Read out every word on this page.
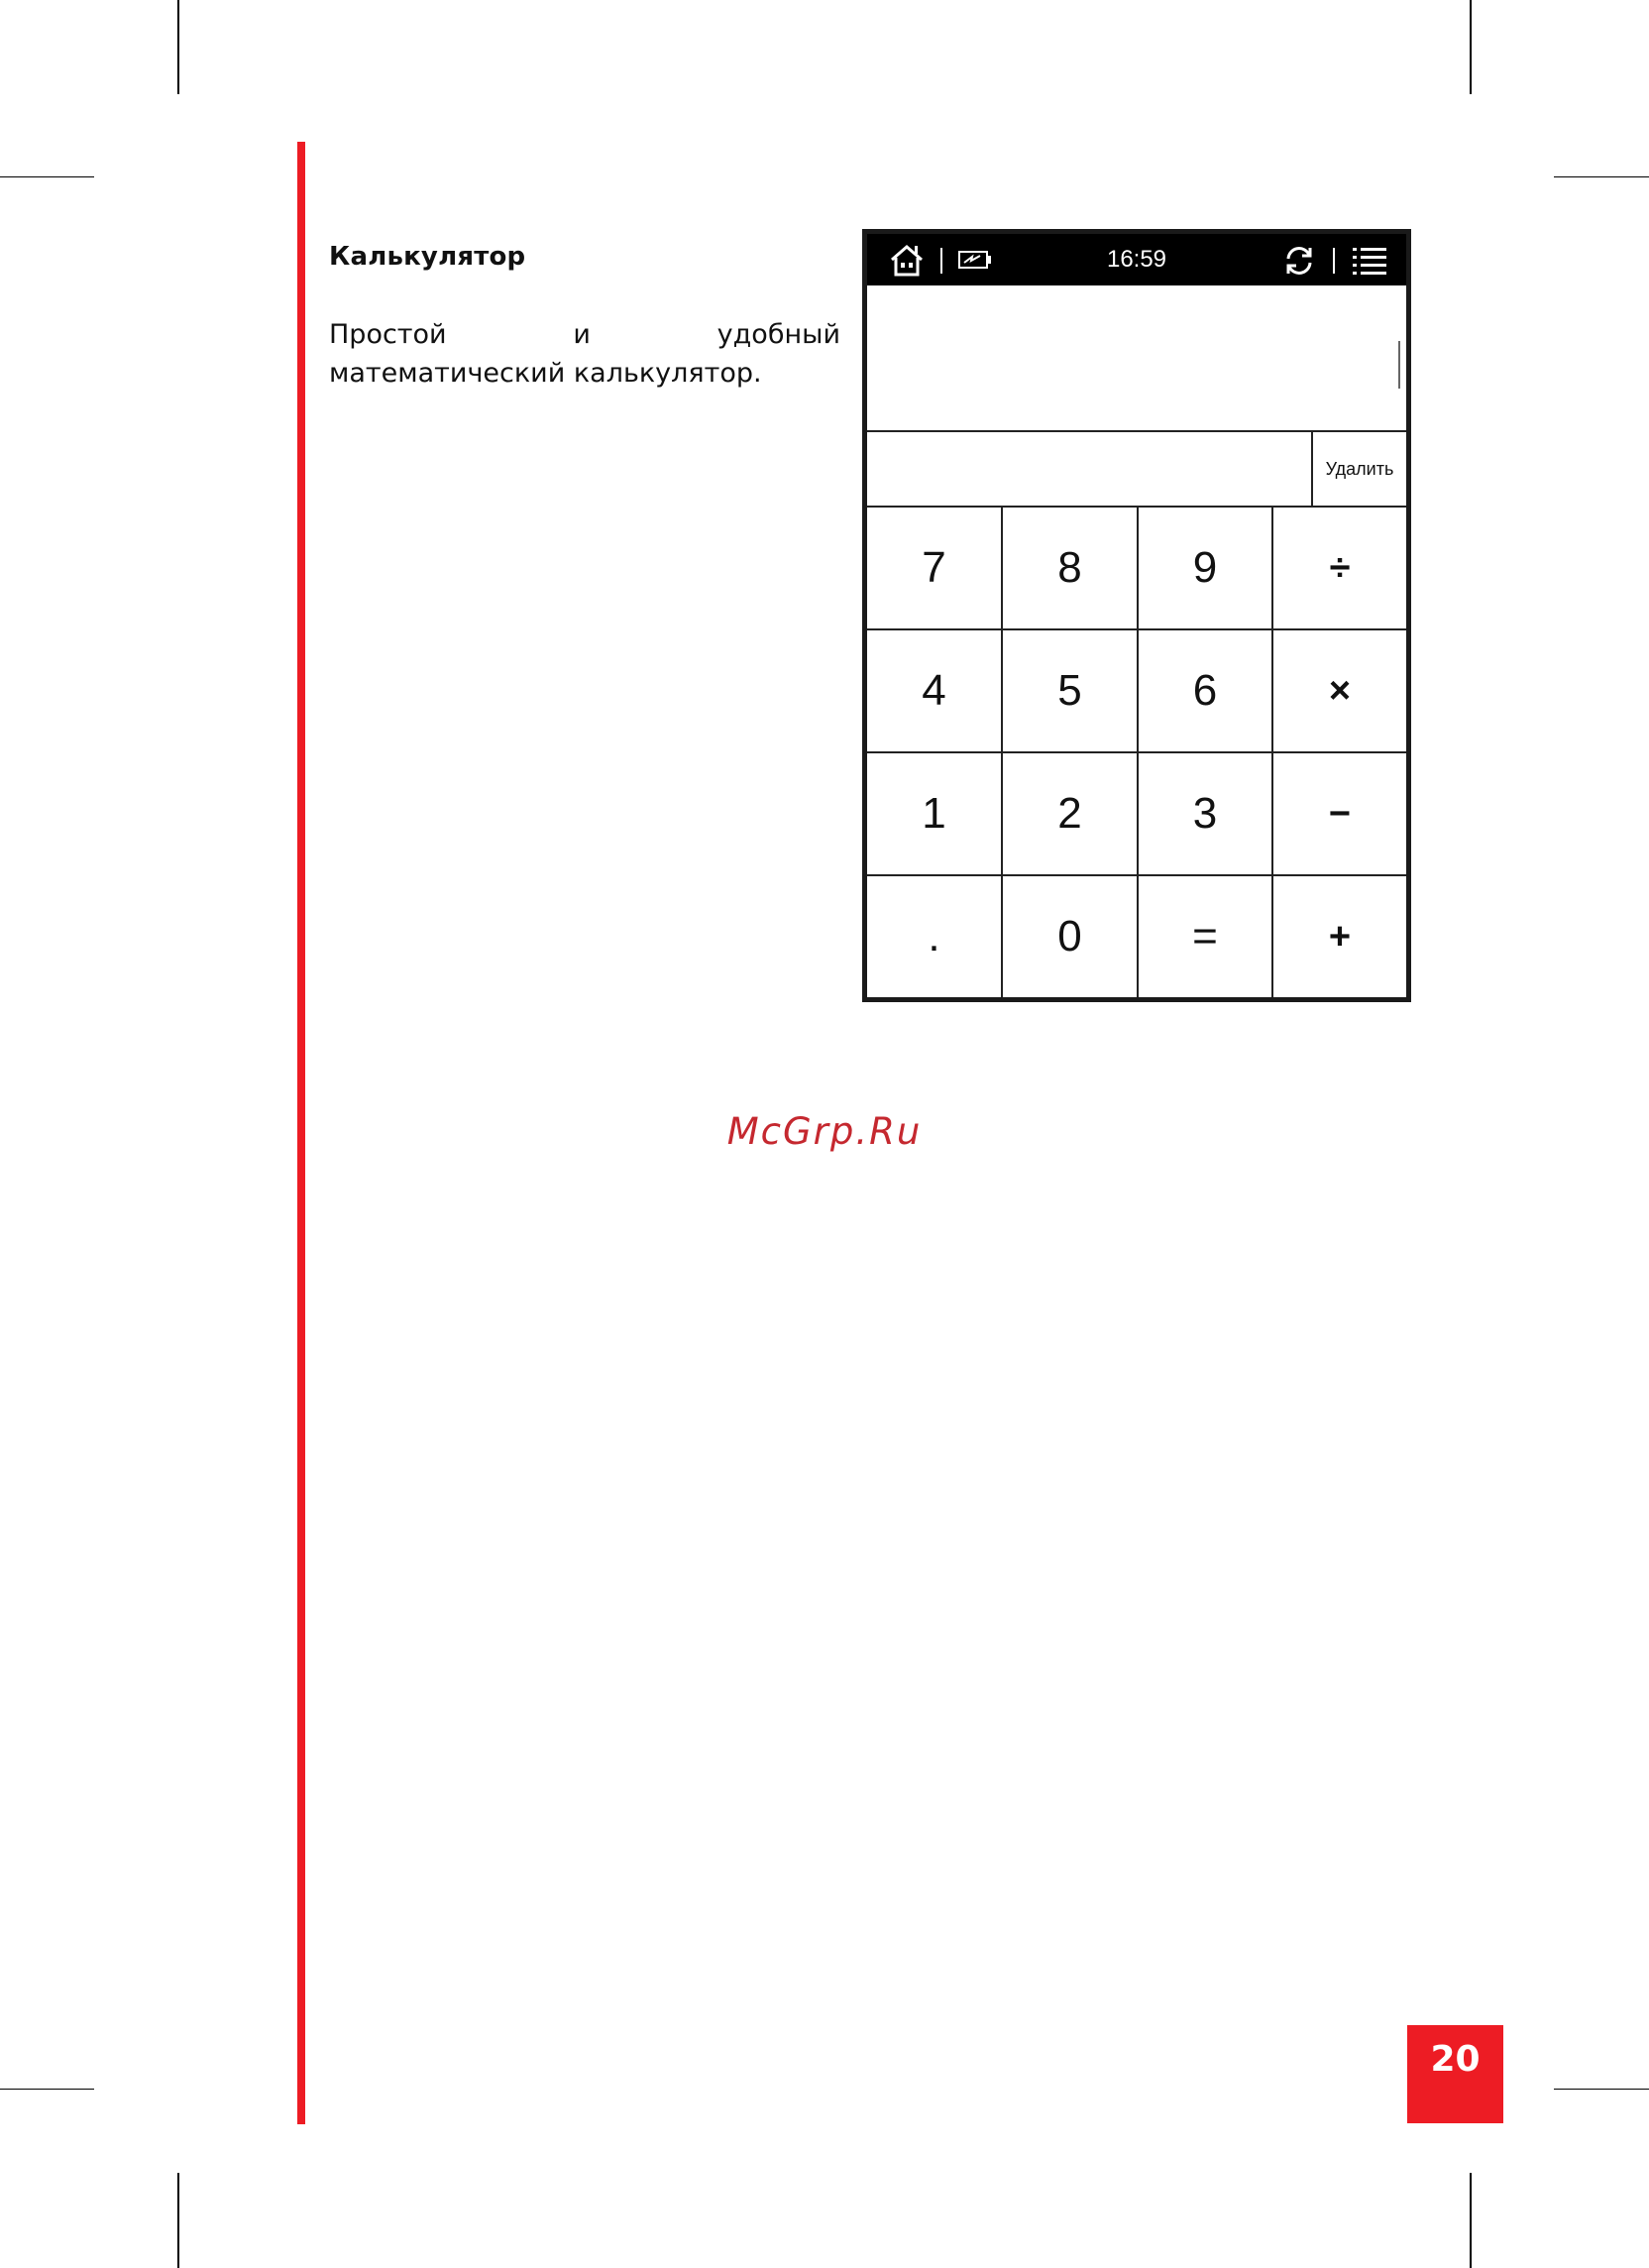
Калькулятор
Простой и удобный математический калькулятор.
16:59
Удалить
7	8	9	÷
4	5	6	×
1	2	3	−
.	0	=	+
McGrp.Ru
20
